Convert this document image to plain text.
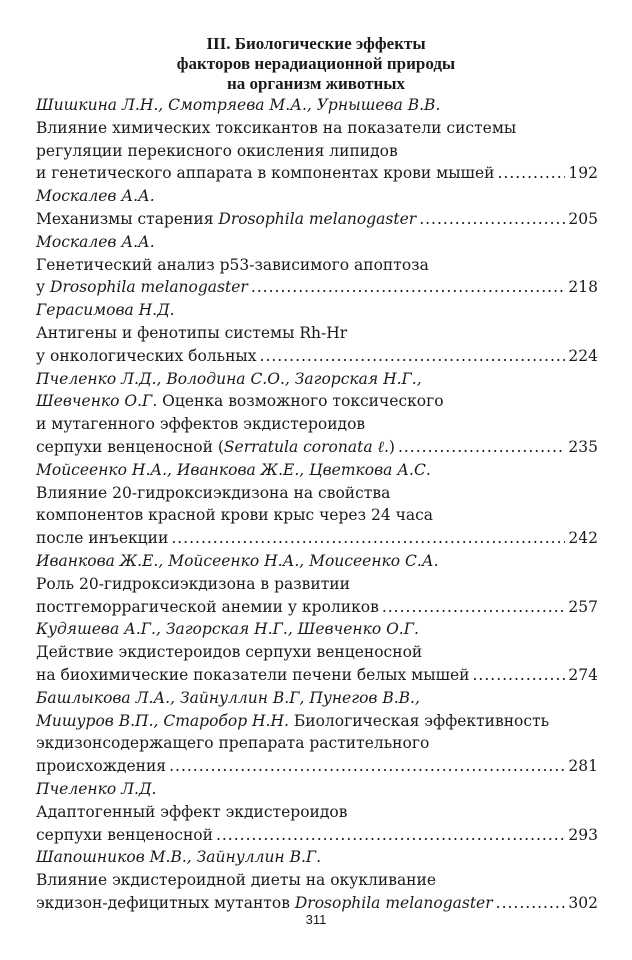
III. Биологические эффекты
факторов нерадиационной природы
на организм животных
Шишкина Л.Н., Смотряева М.А., Урнышева В.В.
Влияние химических токсикантов на показатели системы
регуляции перекисного окисления липидов
и генетического аппарата в компонентах крови мышей .....	192
Москалев А.А.
Механизмы старения Drosophila melanogaster .....	205
Москалев А.А.
Генетический анализ p53-зависимого апоптоза
у Drosophila melanogaster .....	218
Герасимова Н.Д.
Антигены и фенотипы системы Rh-Hr
у онкологических больных .....	224
Пчеленко Л.Д., Володина С.О., Загорская Н.Г.,
Шевченко О.Г. Оценка возможного токсического
и мутагенного эффектов экдистероидов
серпухи венценосной (Serratula coronata ℓ.) .....	235
Мойсеенко Н.А., Иванкова Ж.Е., Цветкова А.С.
Влияние 20-гидроксиэкдизона на свойства
компонентов красной крови крыс через 24 часа
после инъекции .....	242
Иванкова Ж.Е., Мойсеенко Н.А., Моисеенко С.А.
Роль 20-гидроксиэкдизона в развитии
постгеморрагической анемии у кроликов .....	257
Кудяшева А.Г., Загорская Н.Г., Шевченко О.Г.
Действие экдистероидов серпухи венценосной
на биохимические показатели печени белых мышей .....	274
Башлыкова Л.А., Зайнуллин В.Г, Пунегов В.В.,
Мишуров В.П., Старобор Н.Н. Биологическая эффективность
экдизонсодержащего препарата растительного
происхождения .....	281
Пчеленко Л.Д.
Адаптогенный эффект экдистероидов
серпухи венценосной .....	293
Шапошников М.В., Зайнуллин В.Г.
Влияние экдистероидной диеты на окукливание
экдизон-дефицитных мутантов Drosophila melanogaster .....	302
311
